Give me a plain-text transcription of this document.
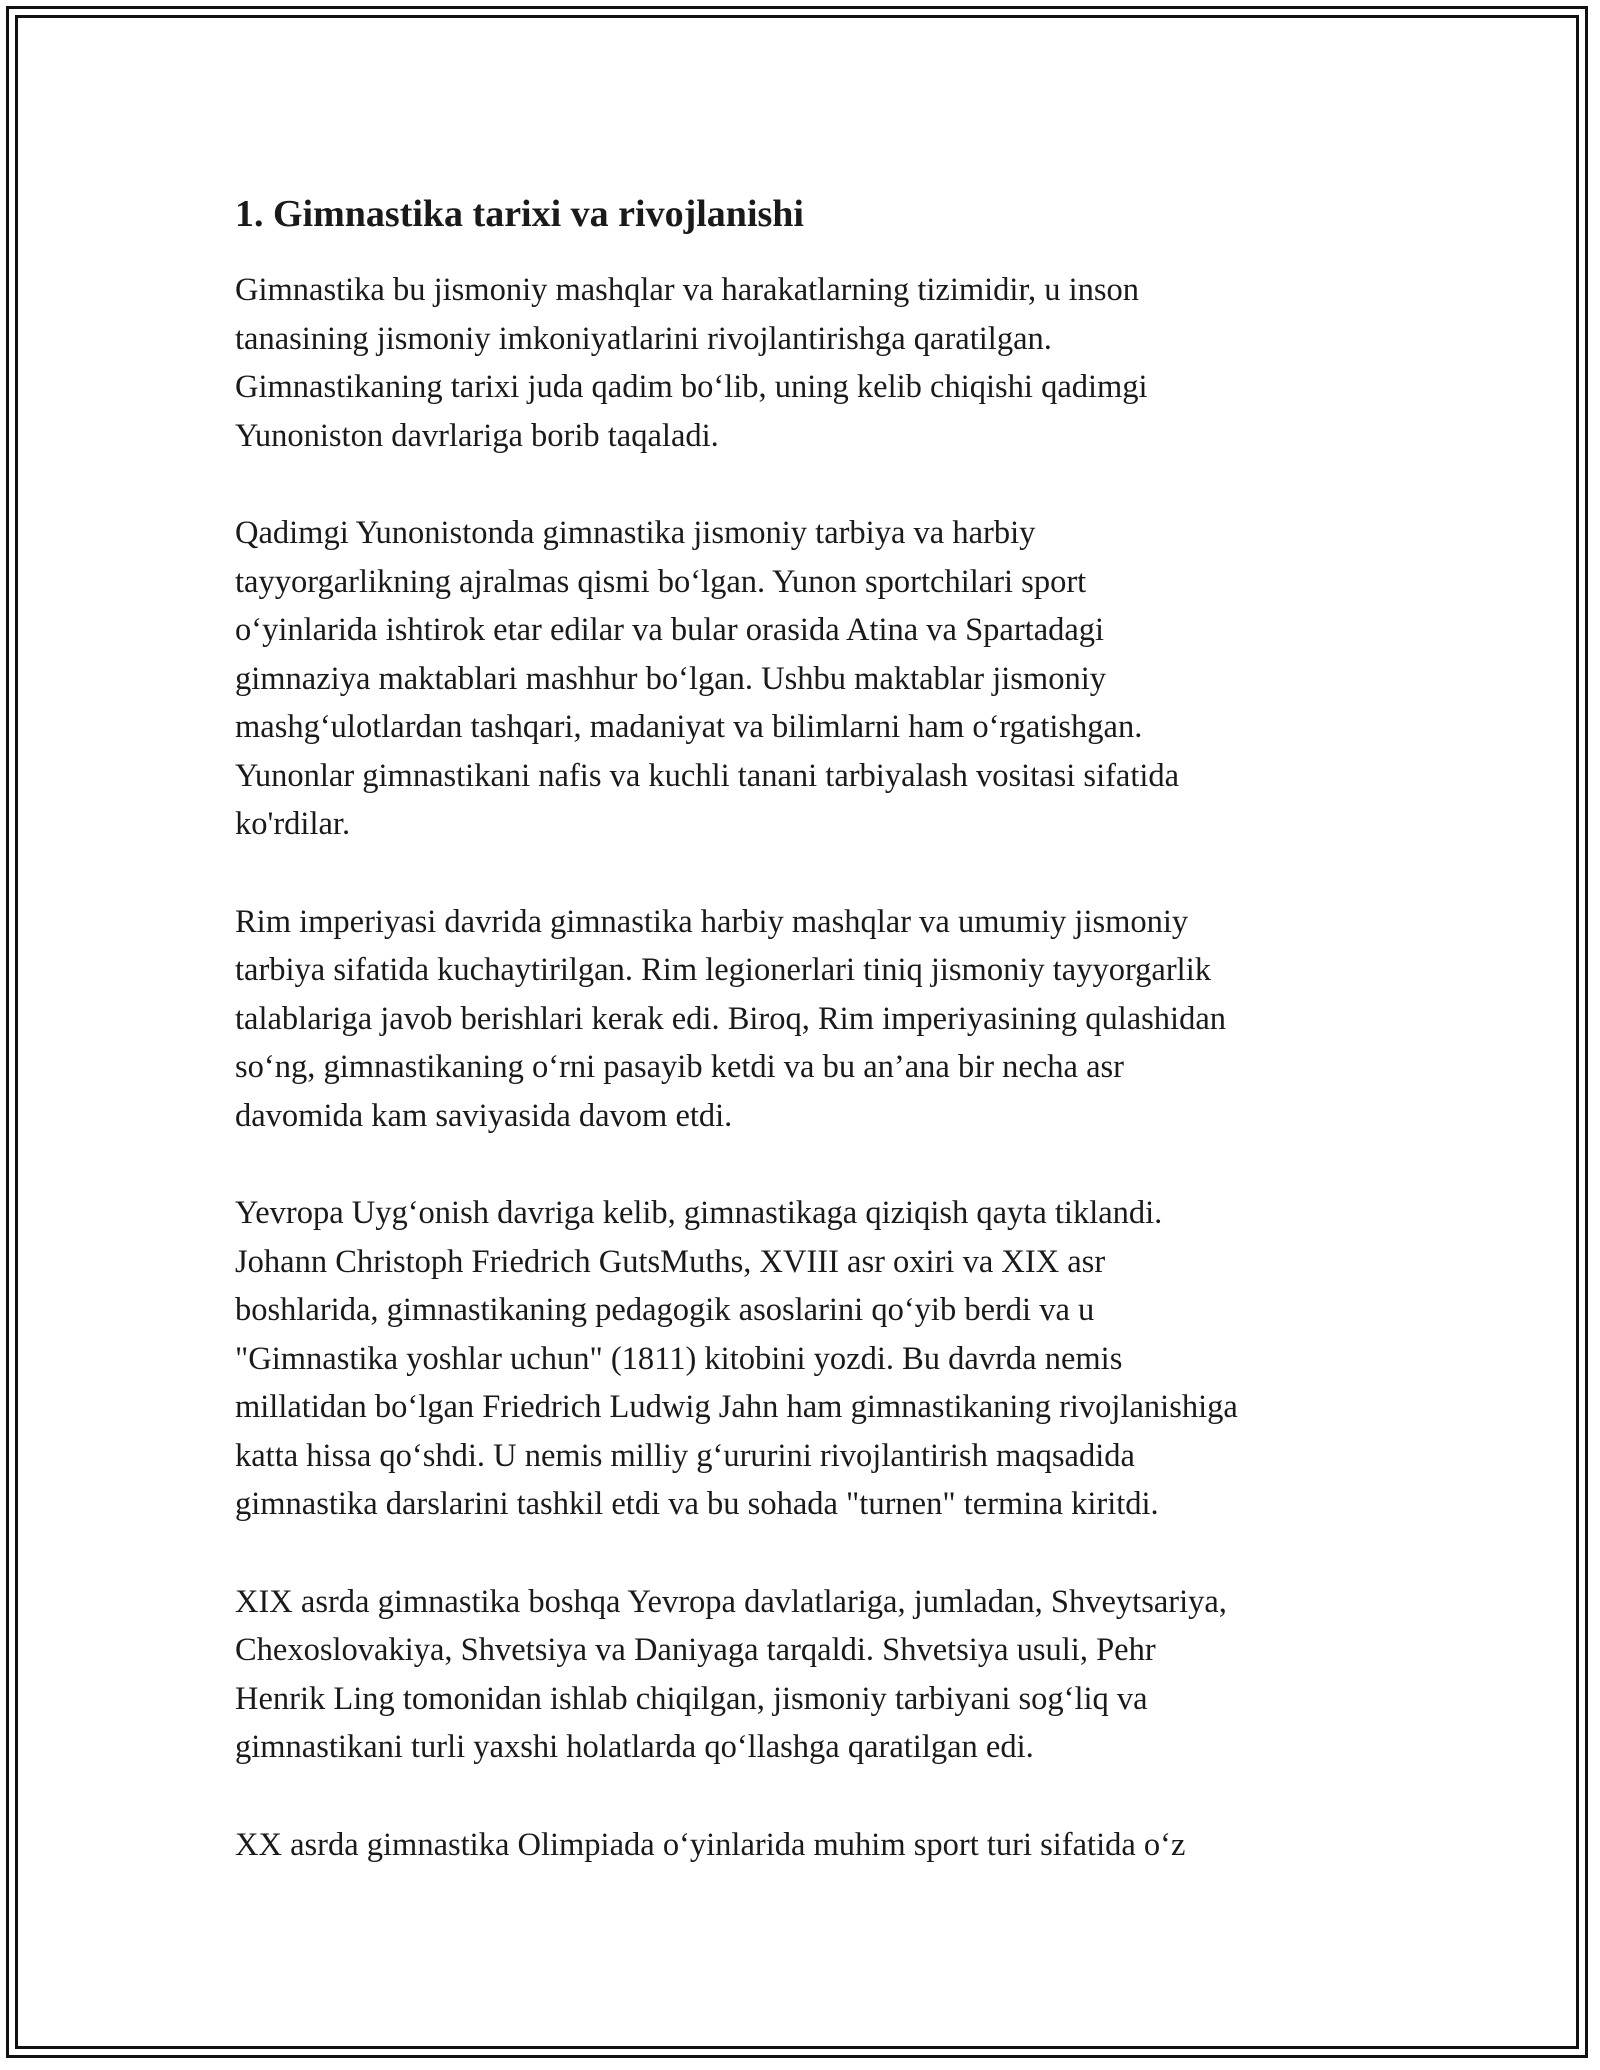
1. Gimnastika tarixi va rivojlanishi

Gimnastika bu jismoniy mashqlar va harakatlarning tizimidir, u inson
tanasining jismoniy imkoniyatlarini rivojlantirishga qaratilgan.
Gimnastikaning tarixi juda qadim bo‘lib, uning kelib chiqishi qadimgi
Yunoniston davrlariga borib taqaladi.

Qadimgi Yunonistonda gimnastika jismoniy tarbiya va harbiy
tayyorgarlikning ajralmas qismi bo‘lgan. Yunon sportchilari sport
o‘yinlarida ishtirok etar edilar va bular orasida Atina va Spartadagi
gimnaziya maktablari mashhur bo‘lgan. Ushbu maktablar jismoniy
mashg‘ulotlardan tashqari, madaniyat va bilimlarni ham o‘rgatishgan.
Yunonlar gimnastikani nafis va kuchli tanani tarbiyalash vositasi sifatida
ko'rdilar.

Rim imperiyasi davrida gimnastika harbiy mashqlar va umumiy jismoniy
tarbiya sifatida kuchaytirilgan. Rim legionerlari tiniq jismoniy tayyorgarlik
talablariga javob berishlari kerak edi. Biroq, Rim imperiyasining qulashidan
so‘ng, gimnastikaning o‘rni pasayib ketdi va bu an’ana bir necha asr
davomida kam saviyasida davom etdi.

Yevropa Uyg‘onish davriga kelib, gimnastikaga qiziqish qayta tiklandi.
Johann Christoph Friedrich GutsMuths, XVIII asr oxiri va XIX asr
boshlarida, gimnastikaning pedagogik asoslarini qo‘yib berdi va u
"Gimnastika yoshlar uchun" (1811) kitobini yozdi. Bu davrda nemis
millatidan bo‘lgan Friedrich Ludwig Jahn ham gimnastikaning rivojlanishiga
katta hissa qo‘shdi. U nemis milliy g‘ururini rivojlantirish maqsadida
gimnastika darslarini tashkil etdi va bu sohada "turnen" termina kiritdi.

XIX asrda gimnastika boshqa Yevropa davlatlariga, jumladan, Shveytsariya,
Chexoslovakiya, Shvetsiya va Daniyaga tarqaldi. Shvetsiya usuli, Pehr
Henrik Ling tomonidan ishlab chiqilgan, jismoniy tarbiyani sog‘liq va
gimnastikani turli yaxshi holatlarda qo‘llashga qaratilgan edi.

XX asrda gimnastika Olimpiada o‘yinlarida muhim sport turi sifatida o‘z
